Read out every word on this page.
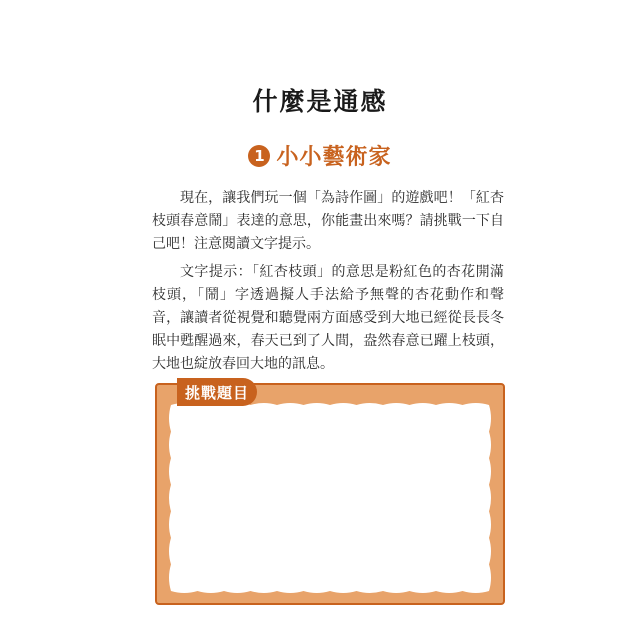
什麼是通感
1 小小藝術家

現在，讓我們玩一個「為詩作圖」的遊戲吧！「紅杏枝頭春意鬧」表達的意思，你能畫出來嗎？請挑戰一下自己吧！注意閱讀文字提示。

文字提示：「紅杏枝頭」的意思是粉紅色的杏花開滿枝頭，「鬧」字透過擬人手法給予無聲的杏花動作和聲音，讓讀者從視覺和聽覺兩方面感受到大地已經從長長冬眠中甦醒過來，春天已到了人間，盎然春意已躍上枝頭，大地也綻放春回大地的訊息。

挑戰題目
